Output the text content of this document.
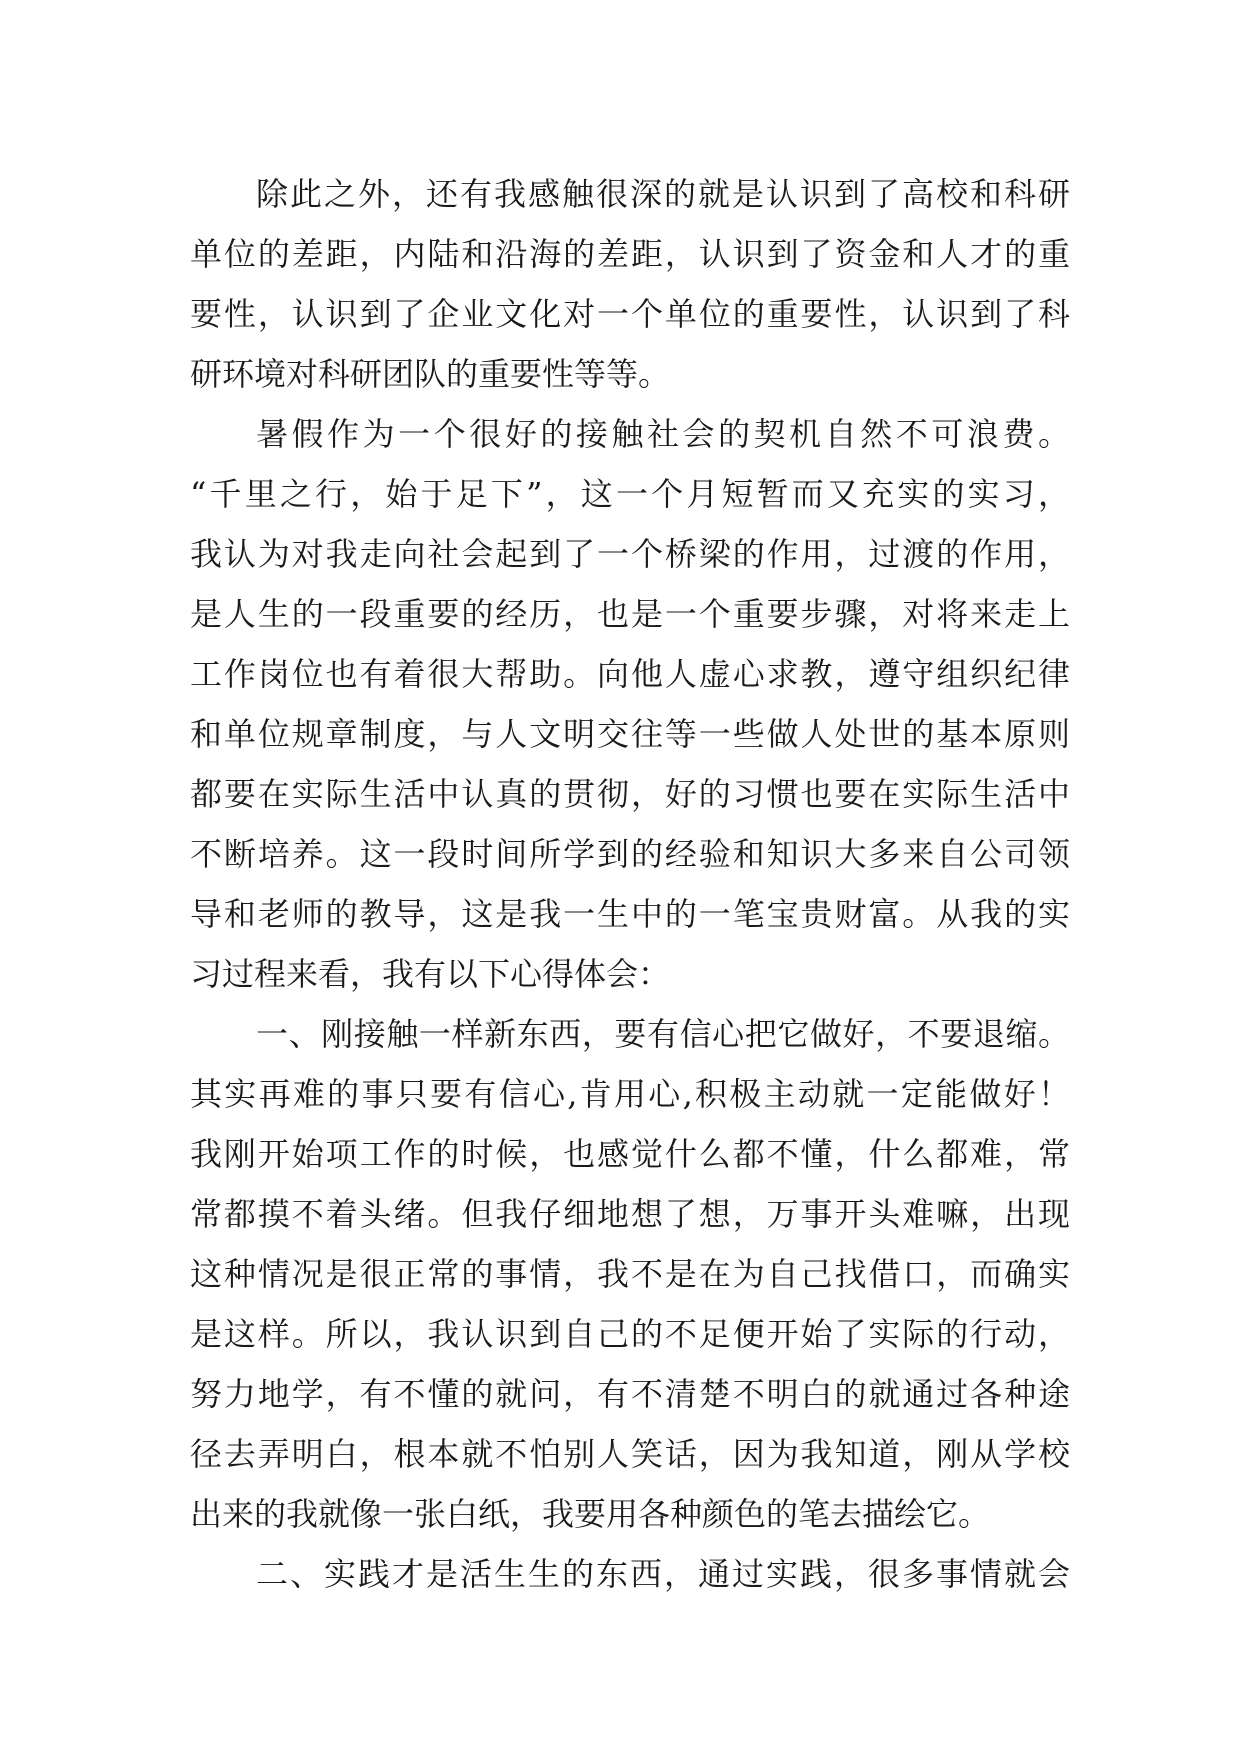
除此之外，还有我感触很深的就是认识到了高校和科研
单位的差距，内陆和沿海的差距，认识到了资金和人才的重
要性，认识到了企业文化对一个单位的重要性，认识到了科
研环境对科研团队的重要性等等。
暑假作为一个很好的接触社会的契机自然不可浪费。
“千里之行，始于足下”，这一个月短暂而又充实的实习，
我认为对我走向社会起到了一个桥梁的作用，过渡的作用，
是人生的一段重要的经历，也是一个重要步骤，对将来走上
工作岗位也有着很大帮助。向他人虚心求教，遵守组织纪律
和单位规章制度，与人文明交往等一些做人处世的基本原则
都要在实际生活中认真的贯彻，好的习惯也要在实际生活中
不断培养。这一段时间所学到的经验和知识大多来自公司领
导和老师的教导，这是我一生中的一笔宝贵财富。从我的实
习过程来看，我有以下心得体会：
一、刚接触一样新东西，要有信心把它做好，不要退缩。
其实再难的事只要有信心,肯用心,积极主动就一定能做好！
我刚开始项工作的时候，也感觉什么都不懂，什么都难，常
常都摸不着头绪。但我仔细地想了想，万事开头难嘛，出现
这种情况是很正常的事情，我不是在为自己找借口，而确实
是这样。所以，我认识到自己的不足便开始了实际的行动，
努力地学，有不懂的就问，有不清楚不明白的就通过各种途
径去弄明白，根本就不怕别人笑话，因为我知道，刚从学校
出来的我就像一张白纸，我要用各种颜色的笔去描绘它。
二、实践才是活生生的东西，通过实践，很多事情就会
